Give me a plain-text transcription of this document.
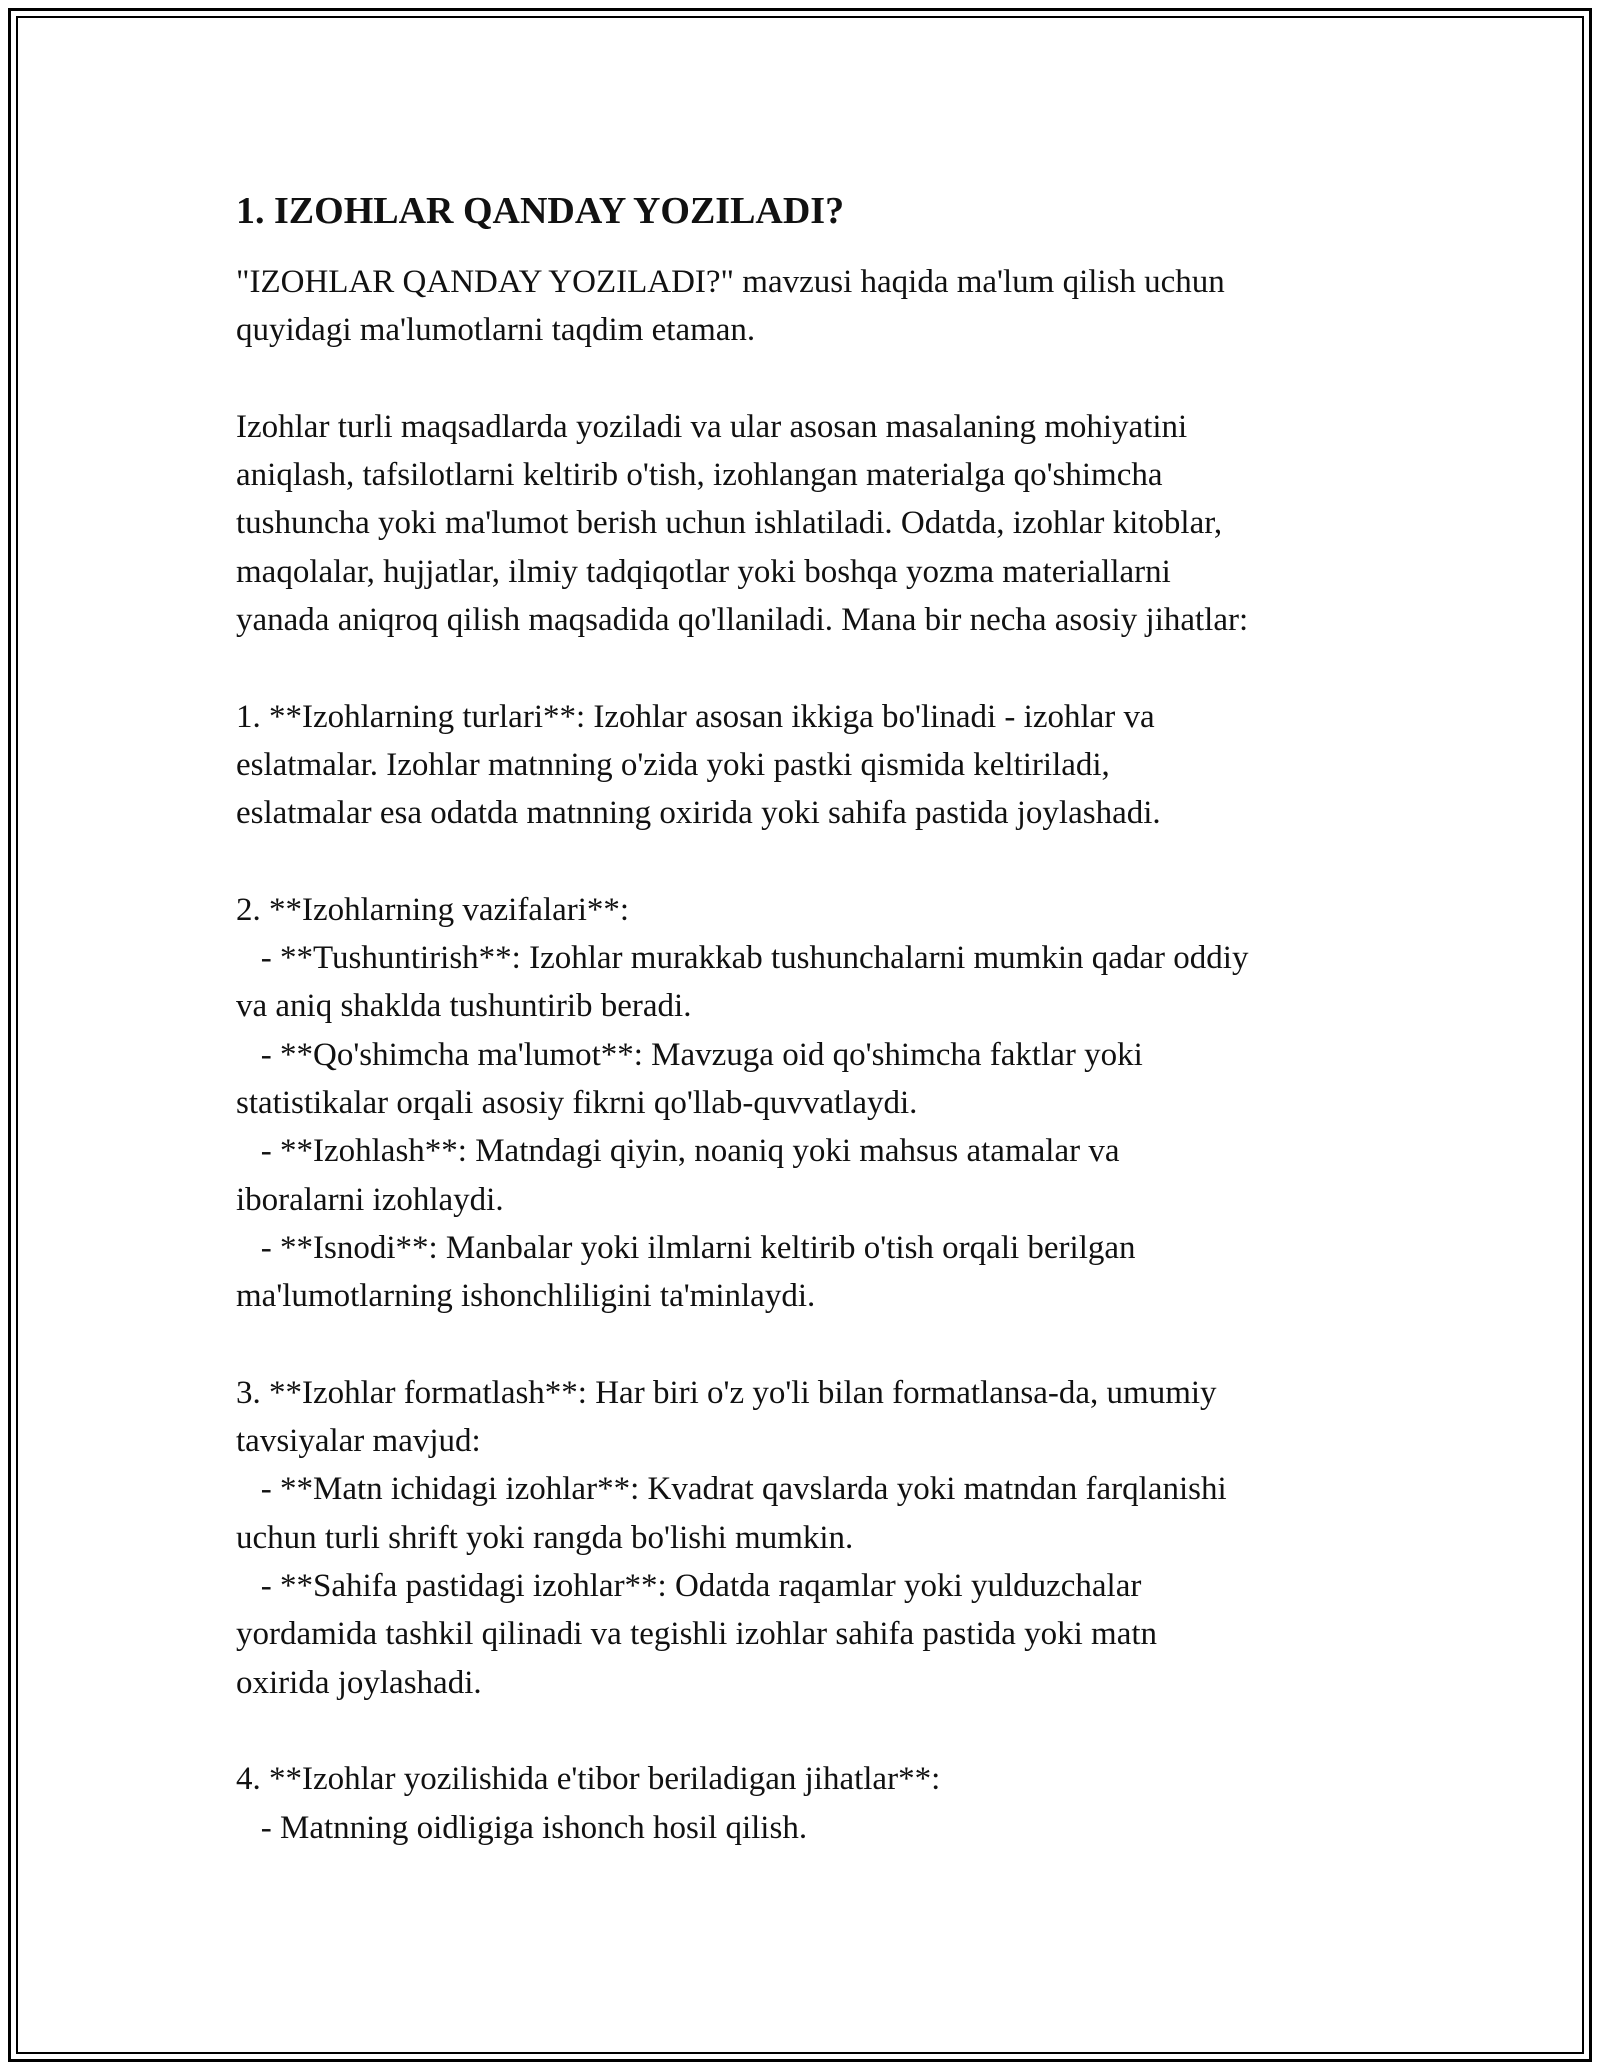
1. IZOHLAR QANDAY YOZILADI?
"IZOHLAR QANDAY YOZILADI?" mavzusi haqida ma'lum qilish uchun
quyidagi ma'lumotlarni taqdim etaman.
Izohlar turli maqsadlarda yoziladi va ular asosan masalaning mohiyatini
aniqlash, tafsilotlarni keltirib o'tish, izohlangan materialga qo'shimcha
tushuncha yoki ma'lumot berish uchun ishlatiladi. Odatda, izohlar kitoblar,
maqolalar, hujjatlar, ilmiy tadqiqotlar yoki boshqa yozma materiallarni
yanada aniqroq qilish maqsadida qo'llaniladi. Mana bir necha asosiy jihatlar:
1. **Izohlarning turlari**: Izohlar asosan ikkiga bo'linadi - izohlar va
eslatmalar. Izohlar matnning o'zida yoki pastki qismida keltiriladi,
eslatmalar esa odatda matnning oxirida yoki sahifa pastida joylashadi.
2. **Izohlarning vazifalari**:
- **Tushuntirish**: Izohlar murakkab tushunchalarni mumkin qadar oddiy
va aniq shaklda tushuntirib beradi.
- **Qo'shimcha ma'lumot**: Mavzuga oid qo'shimcha faktlar yoki
statistikalar orqali asosiy fikrni qo'llab-quvvatlaydi.
- **Izohlash**: Matndagi qiyin, noaniq yoki mahsus atamalar va
iboralarni izohlaydi.
- **Isnodi**: Manbalar yoki ilmlarni keltirib o'tish orqali berilgan
ma'lumotlarning ishonchliligini ta'minlaydi.
3. **Izohlar formatlash**: Har biri o'z yo'li bilan formatlansa-da, umumiy
tavsiyalar mavjud:
- **Matn ichidagi izohlar**: Kvadrat qavslarda yoki matndan farqlanishi
uchun turli shrift yoki rangda bo'lishi mumkin.
- **Sahifa pastidagi izohlar**: Odatda raqamlar yoki yulduzchalar
yordamida tashkil qilinadi va tegishli izohlar sahifa pastida yoki matn
oxirida joylashadi.
4. **Izohlar yozilishida e'tibor beriladigan jihatlar**:
- Matnning oidligiga ishonch hosil qilish.
